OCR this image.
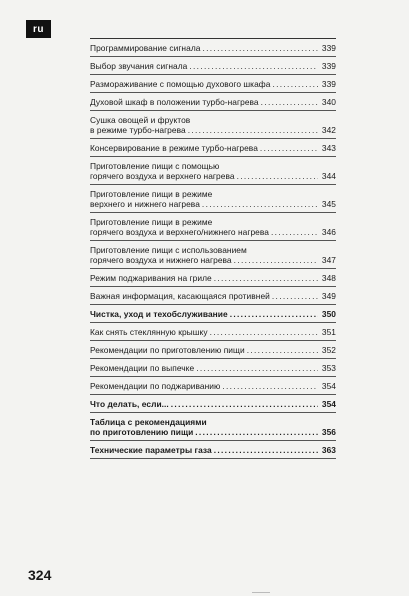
ru
Программирование сигнала . . .	339
Выбор звучания сигнала . . .	339
Размораживание с помощью духового шкафа . . .	339
Духовой шкаф в положении турбо-нагрева . . .	340
Сушка овощей и фруктов
в режиме турбо-нагрева . . .	342
Консервирование в режиме турбо-нагрева . . .	343
Приготовление пищи с помощью
горячего воздуха и верхнего нагрева . . .	344
Приготовление пищи в режиме
верхнего и нижнего нагрева . . .	345
Приготовление пищи в режиме
горячего воздуха и верхнего/нижнего нагрева . . .	346
Приготовление пищи с использованием
горячего воздуха и нижнего нагрева . . .	347
Режим поджаривания на гриле . . .	348
Важная информация, касающаяся противней . . .	349
Чистка, уход и техобслуживание . . .	350
Как снять стеклянную крышку . . .	351
Рекомендации по приготовлению пищи . . .	352
Рекомендации по выпечке . . .	353
Рекомендации по поджариванию . . .	354
Что делать, если... . . .	354
Таблица с рекомендациями
по приготовлению пищи . . .	356
Технические параметры газа . . .	363
324
